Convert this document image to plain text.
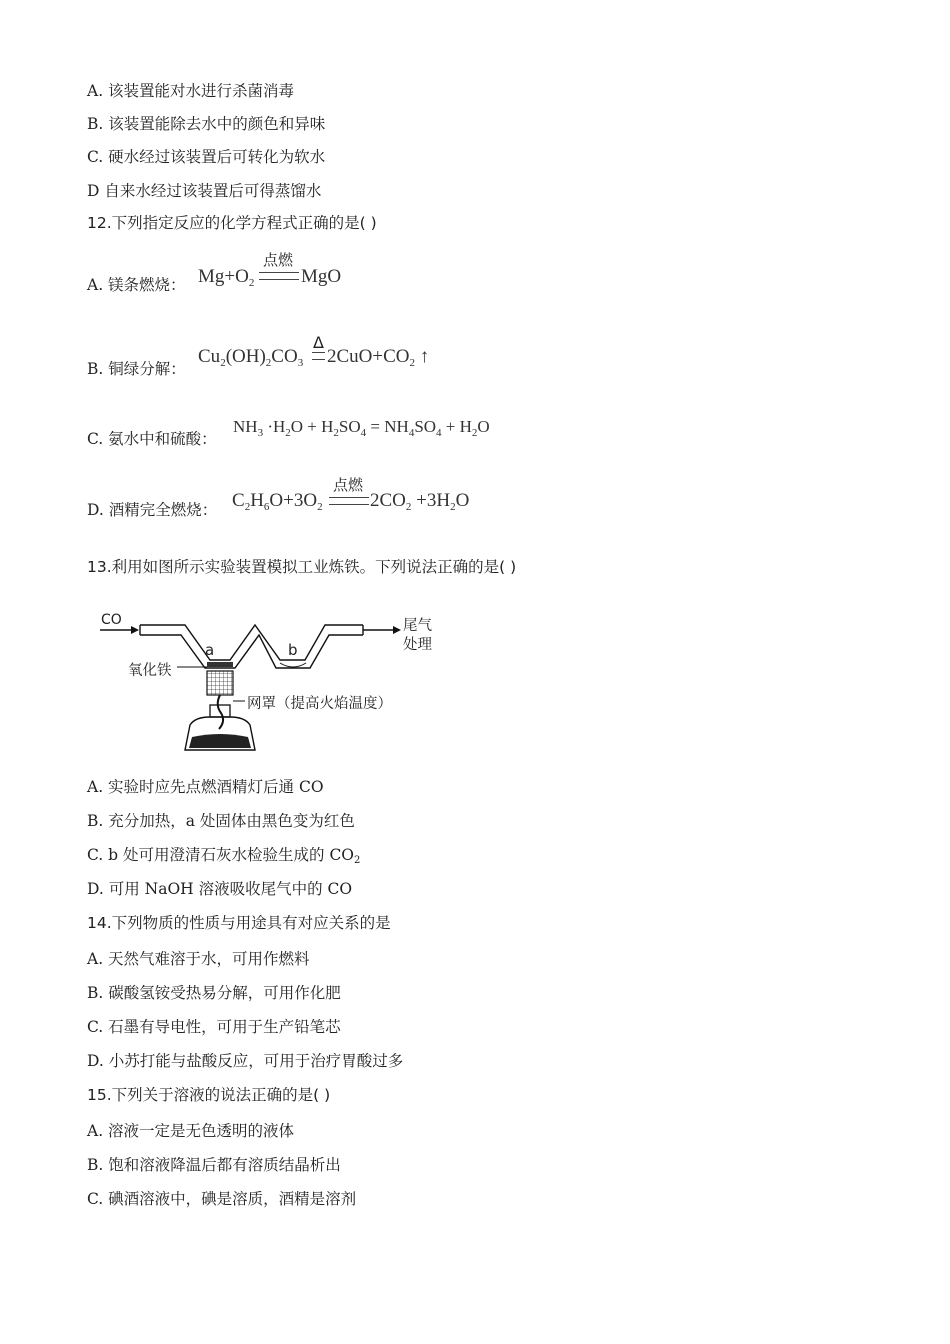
A. 该装置能对水进行杀菌消毒
B. 该装置能除去水中的颜色和异味
C. 硬水经过该装置后可转化为软水
D 自来水经过该装置后可得蒸馏水
12.下列指定反应的化学方程式正确的是( )
A. 镁条燃烧： $Mg+O_2$
点燃
MgO
B. 铜绿分解：
$Cu_2(OH)_2CO_3$
Δ
$2CuO+CO_2$ ↑
C. 氨水中和硫酸：
$NH_3 \cdot H_2O + H_2SO_4 = NH_4SO_4 + H_2O$
D. 酒精完全燃烧： $C_2H_6O+3O_2$
点燃
$2CO_2 +3H_2O$
13.利用如图所示实验装置模拟工业炼铁。下列说法正确的是( )
CO	尾气
处理
a	b
氧化铁
网罩（提高火焰温度）
A. 实验时应先点燃酒精灯后通 CO
B. 充分加热，a 处固体由黑色变为红色
C. b 处可用澄清石灰水检验生成的 $CO_2$
D. 可用 NaOH 溶液吸收尾气中的 CO
14.下列物质的性质与用途具有对应关系的是
A. 天然气难溶于水，可用作燃料
B. 碳酸氢铵受热易分解，可用作化肥
C. 石墨有导电性，可用于生产铅笔芯
D. 小苏打能与盐酸反应，可用于治疗胃酸过多
15.下列关于溶液的说法正确的是( )
A. 溶液一定是无色透明的液体
B. 饱和溶液降温后都有溶质结晶析出
C. 碘酒溶液中，碘是溶质，酒精是溶剂
